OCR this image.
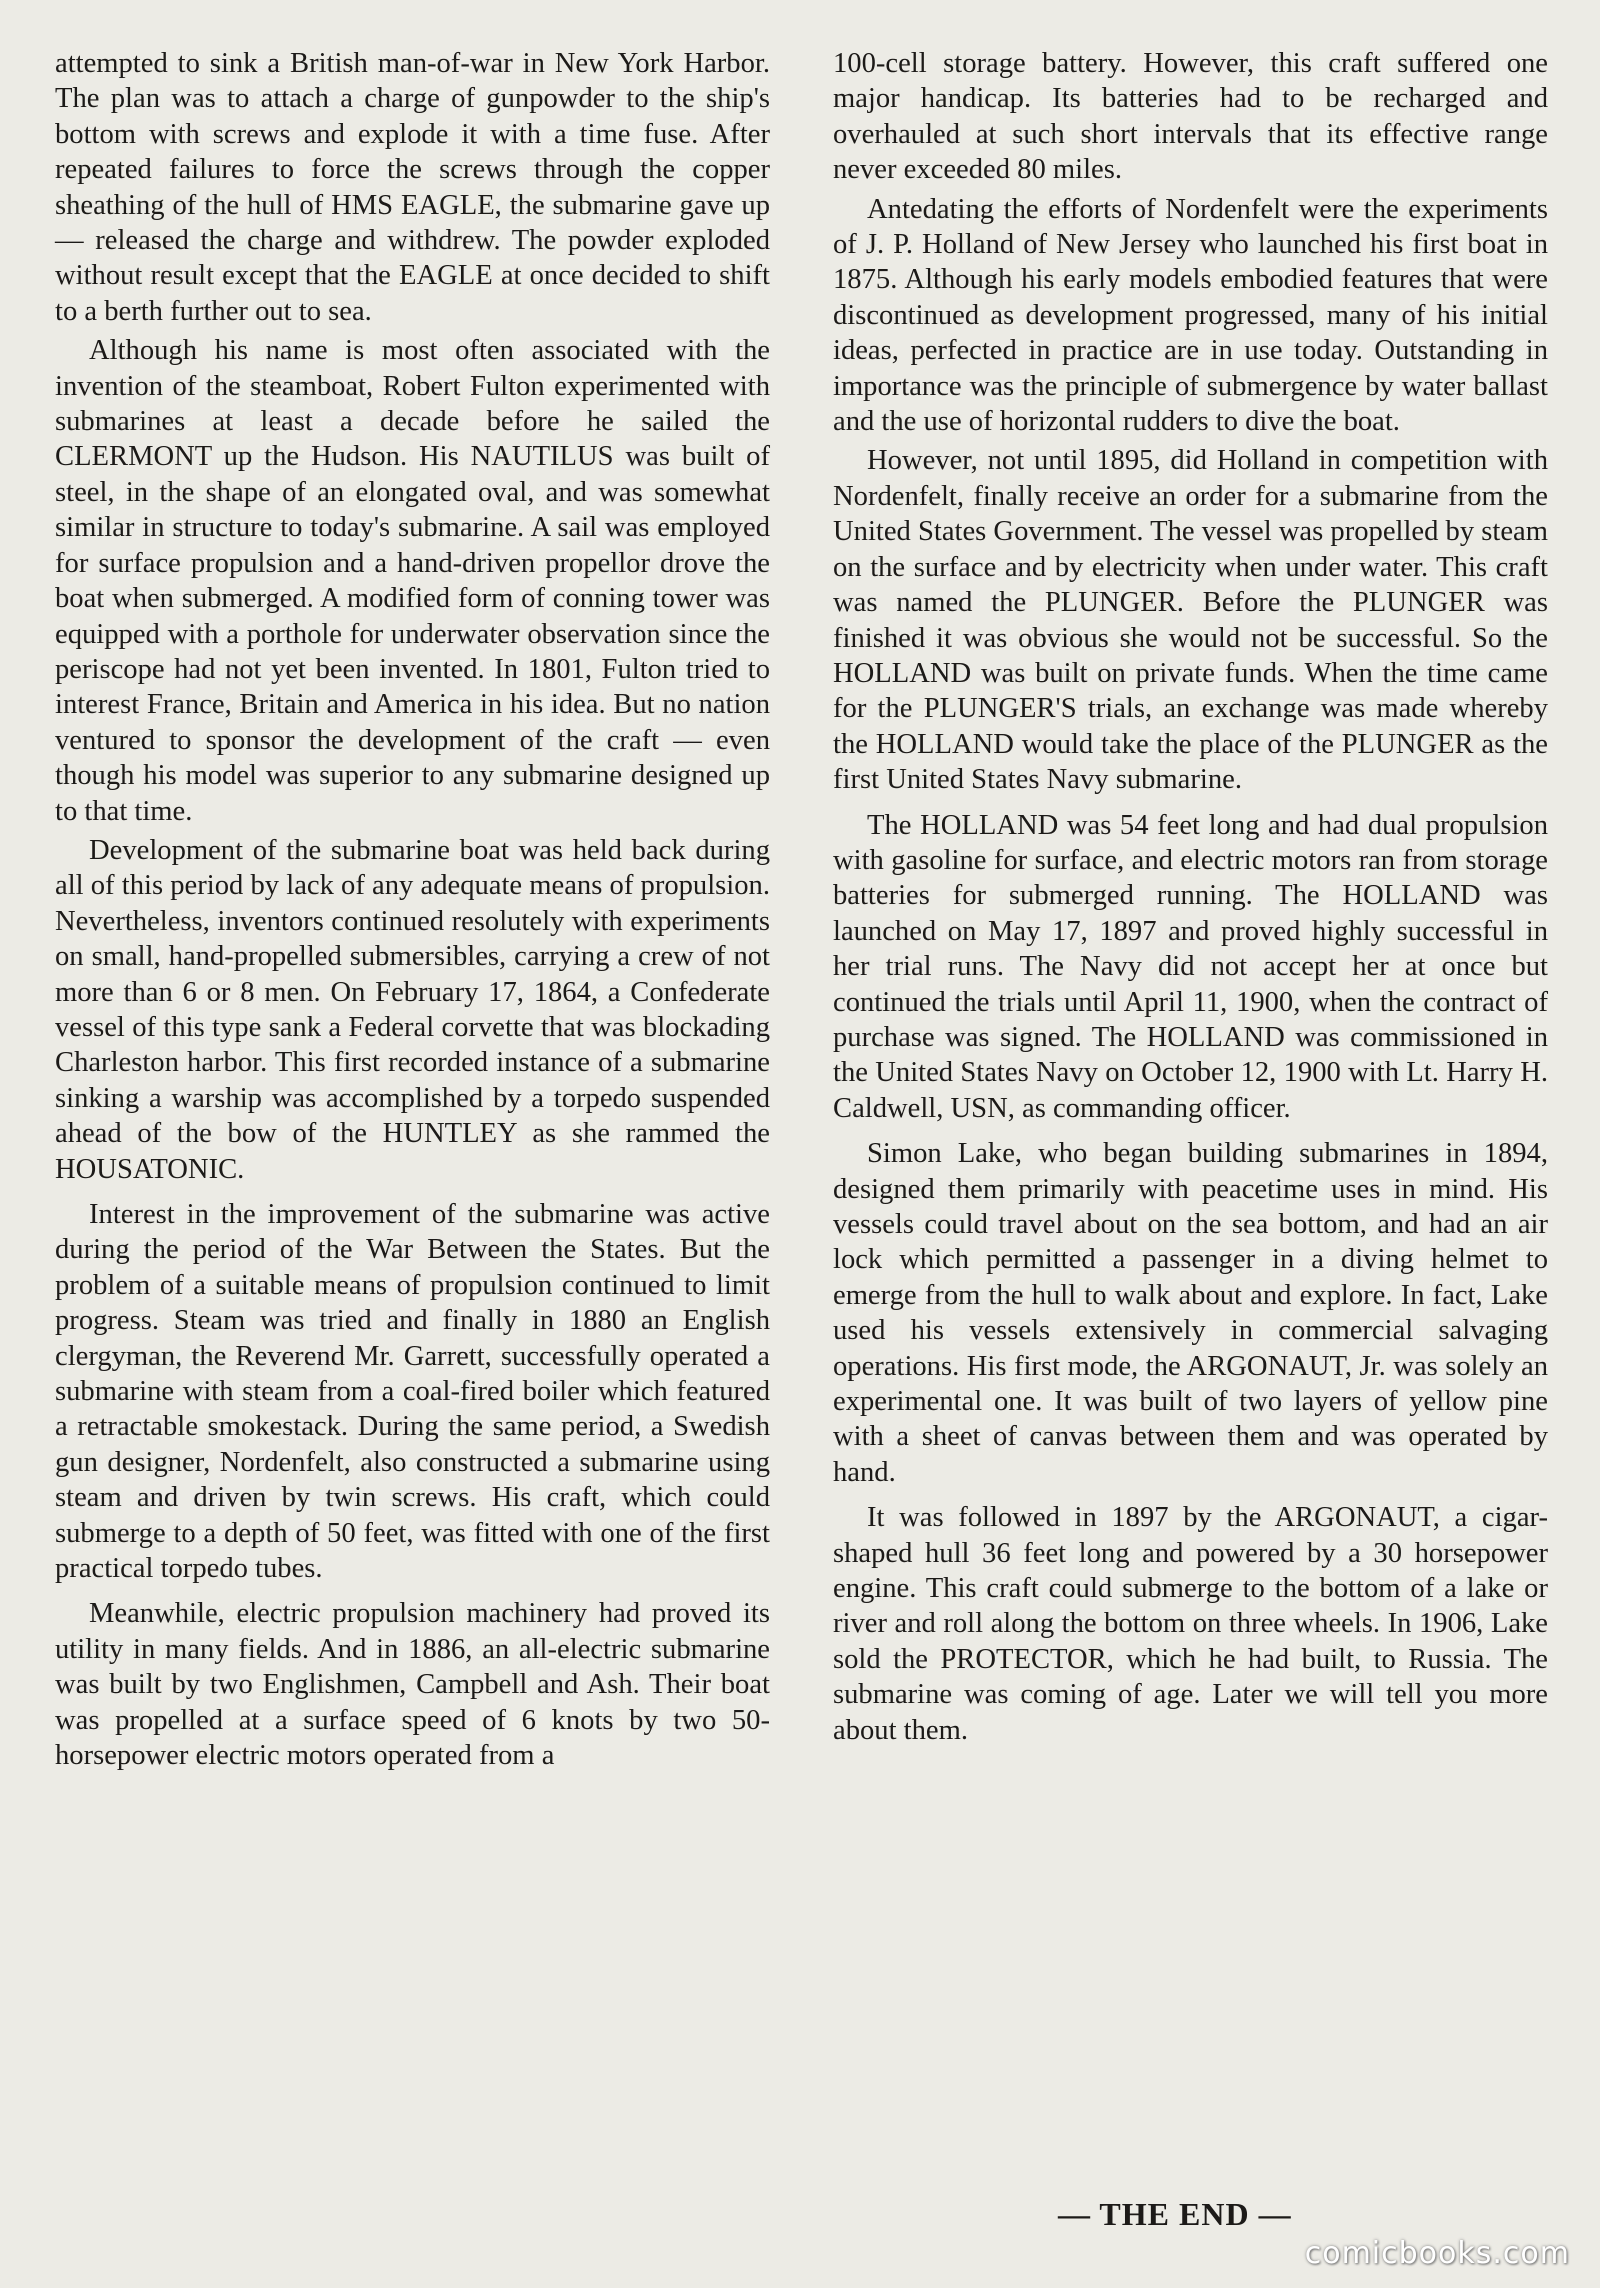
attempted to sink a British man-of-war in New York Harbor. The plan was to attach a charge of gunpowder to the ship's bottom with screws and explode it with a time fuse. After repeated failures to force the screws through the copper sheathing of the hull of HMS EAGLE, the submarine gave up — released the charge and withdrew. The powder exploded without result except that the EAGLE at once decided to shift to a berth further out to sea.

Although his name is most often associated with the invention of the steamboat, Robert Fulton experimented with submarines at least a decade before he sailed the CLERMONT up the Hudson. His NAUTILUS was built of steel, in the shape of an elongated oval, and was somewhat similar in structure to today's submarine. A sail was employed for surface propulsion and a hand-driven propellor drove the boat when submerged. A modified form of conning tower was equipped with a porthole for underwater observation since the periscope had not yet been invented. In 1801, Fulton tried to interest France, Britain and America in his idea. But no nation ventured to sponsor the development of the craft — even though his model was superior to any submarine designed up to that time.

Development of the submarine boat was held back during all of this period by lack of any adequate means of propulsion. Nevertheless, inventors continued resolutely with experiments on small, hand-propelled submersibles, carrying a crew of not more than 6 or 8 men. On February 17, 1864, a Confederate vessel of this type sank a Federal corvette that was blockading Charleston harbor. This first recorded instance of a submarine sinking a warship was accomplished by a torpedo suspended ahead of the bow of the HUNTLEY as she rammed the HOUSATONIC.

Interest in the improvement of the submarine was active during the period of the War Between the States. But the problem of a suitable means of propulsion continued to limit progress. Steam was tried and finally in 1880 an English clergyman, the Reverend Mr. Garrett, successfully operated a submarine with steam from a coal-fired boiler which featured a retractable smokestack. During the same period, a Swedish gun designer, Nordenfelt, also constructed a submarine using steam and driven by twin screws. His craft, which could submerge to a depth of 50 feet, was fitted with one of the first practical torpedo tubes.

Meanwhile, electric propulsion machinery had proved its utility in many fields. And in 1886, an all-electric submarine was built by two Englishmen, Campbell and Ash. Their boat was propelled at a surface speed of 6 knots by two 50-horsepower electric motors operated from a

100-cell storage battery. However, this craft suffered one major handicap. Its batteries had to be recharged and overhauled at such short intervals that its effective range never exceeded 80 miles.

Antedating the efforts of Nordenfelt were the experiments of J. P. Holland of New Jersey who launched his first boat in 1875. Although his early models embodied features that were discontinued as development progressed, many of his initial ideas, perfected in practice are in use today. Outstanding in importance was the principle of submergence by water ballast and the use of horizontal rudders to dive the boat.

However, not until 1895, did Holland in competition with Nordenfelt, finally receive an order for a submarine from the United States Government. The vessel was propelled by steam on the surface and by electricity when under water. This craft was named the PLUNGER. Before the PLUNGER was finished it was obvious she would not be successful. So the HOLLAND was built on private funds. When the time came for the PLUNGER'S trials, an exchange was made whereby the HOLLAND would take the place of the PLUNGER as the first United States Navy submarine.

The HOLLAND was 54 feet long and had dual propulsion with gasoline for surface, and electric motors ran from storage batteries for submerged running. The HOLLAND was launched on May 17, 1897 and proved highly successful in her trial runs. The Navy did not accept her at once but continued the trials until April 11, 1900, when the contract of purchase was signed. The HOLLAND was commissioned in the United States Navy on October 12, 1900 with Lt. Harry H. Caldwell, USN, as commanding officer.

Simon Lake, who began building submarines in 1894, designed them primarily with peacetime uses in mind. His vessels could travel about on the sea bottom, and had an air lock which permitted a passenger in a diving helmet to emerge from the hull to walk about and explore. In fact, Lake used his vessels extensively in commercial salvaging operations. His first mode, the ARGONAUT, Jr. was solely an experimental one. It was built of two layers of yellow pine with a sheet of canvas between them and was operated by hand.

It was followed in 1897 by the ARGONAUT, a cigar-shaped hull 36 feet long and powered by a 30 horsepower engine. This craft could submerge to the bottom of a lake or river and roll along the bottom on three wheels. In 1906, Lake sold the PROTECTOR, which he had built, to Russia. The submarine was coming of age. Later we will tell you more about them.

— THE END —
comicbooks.com
